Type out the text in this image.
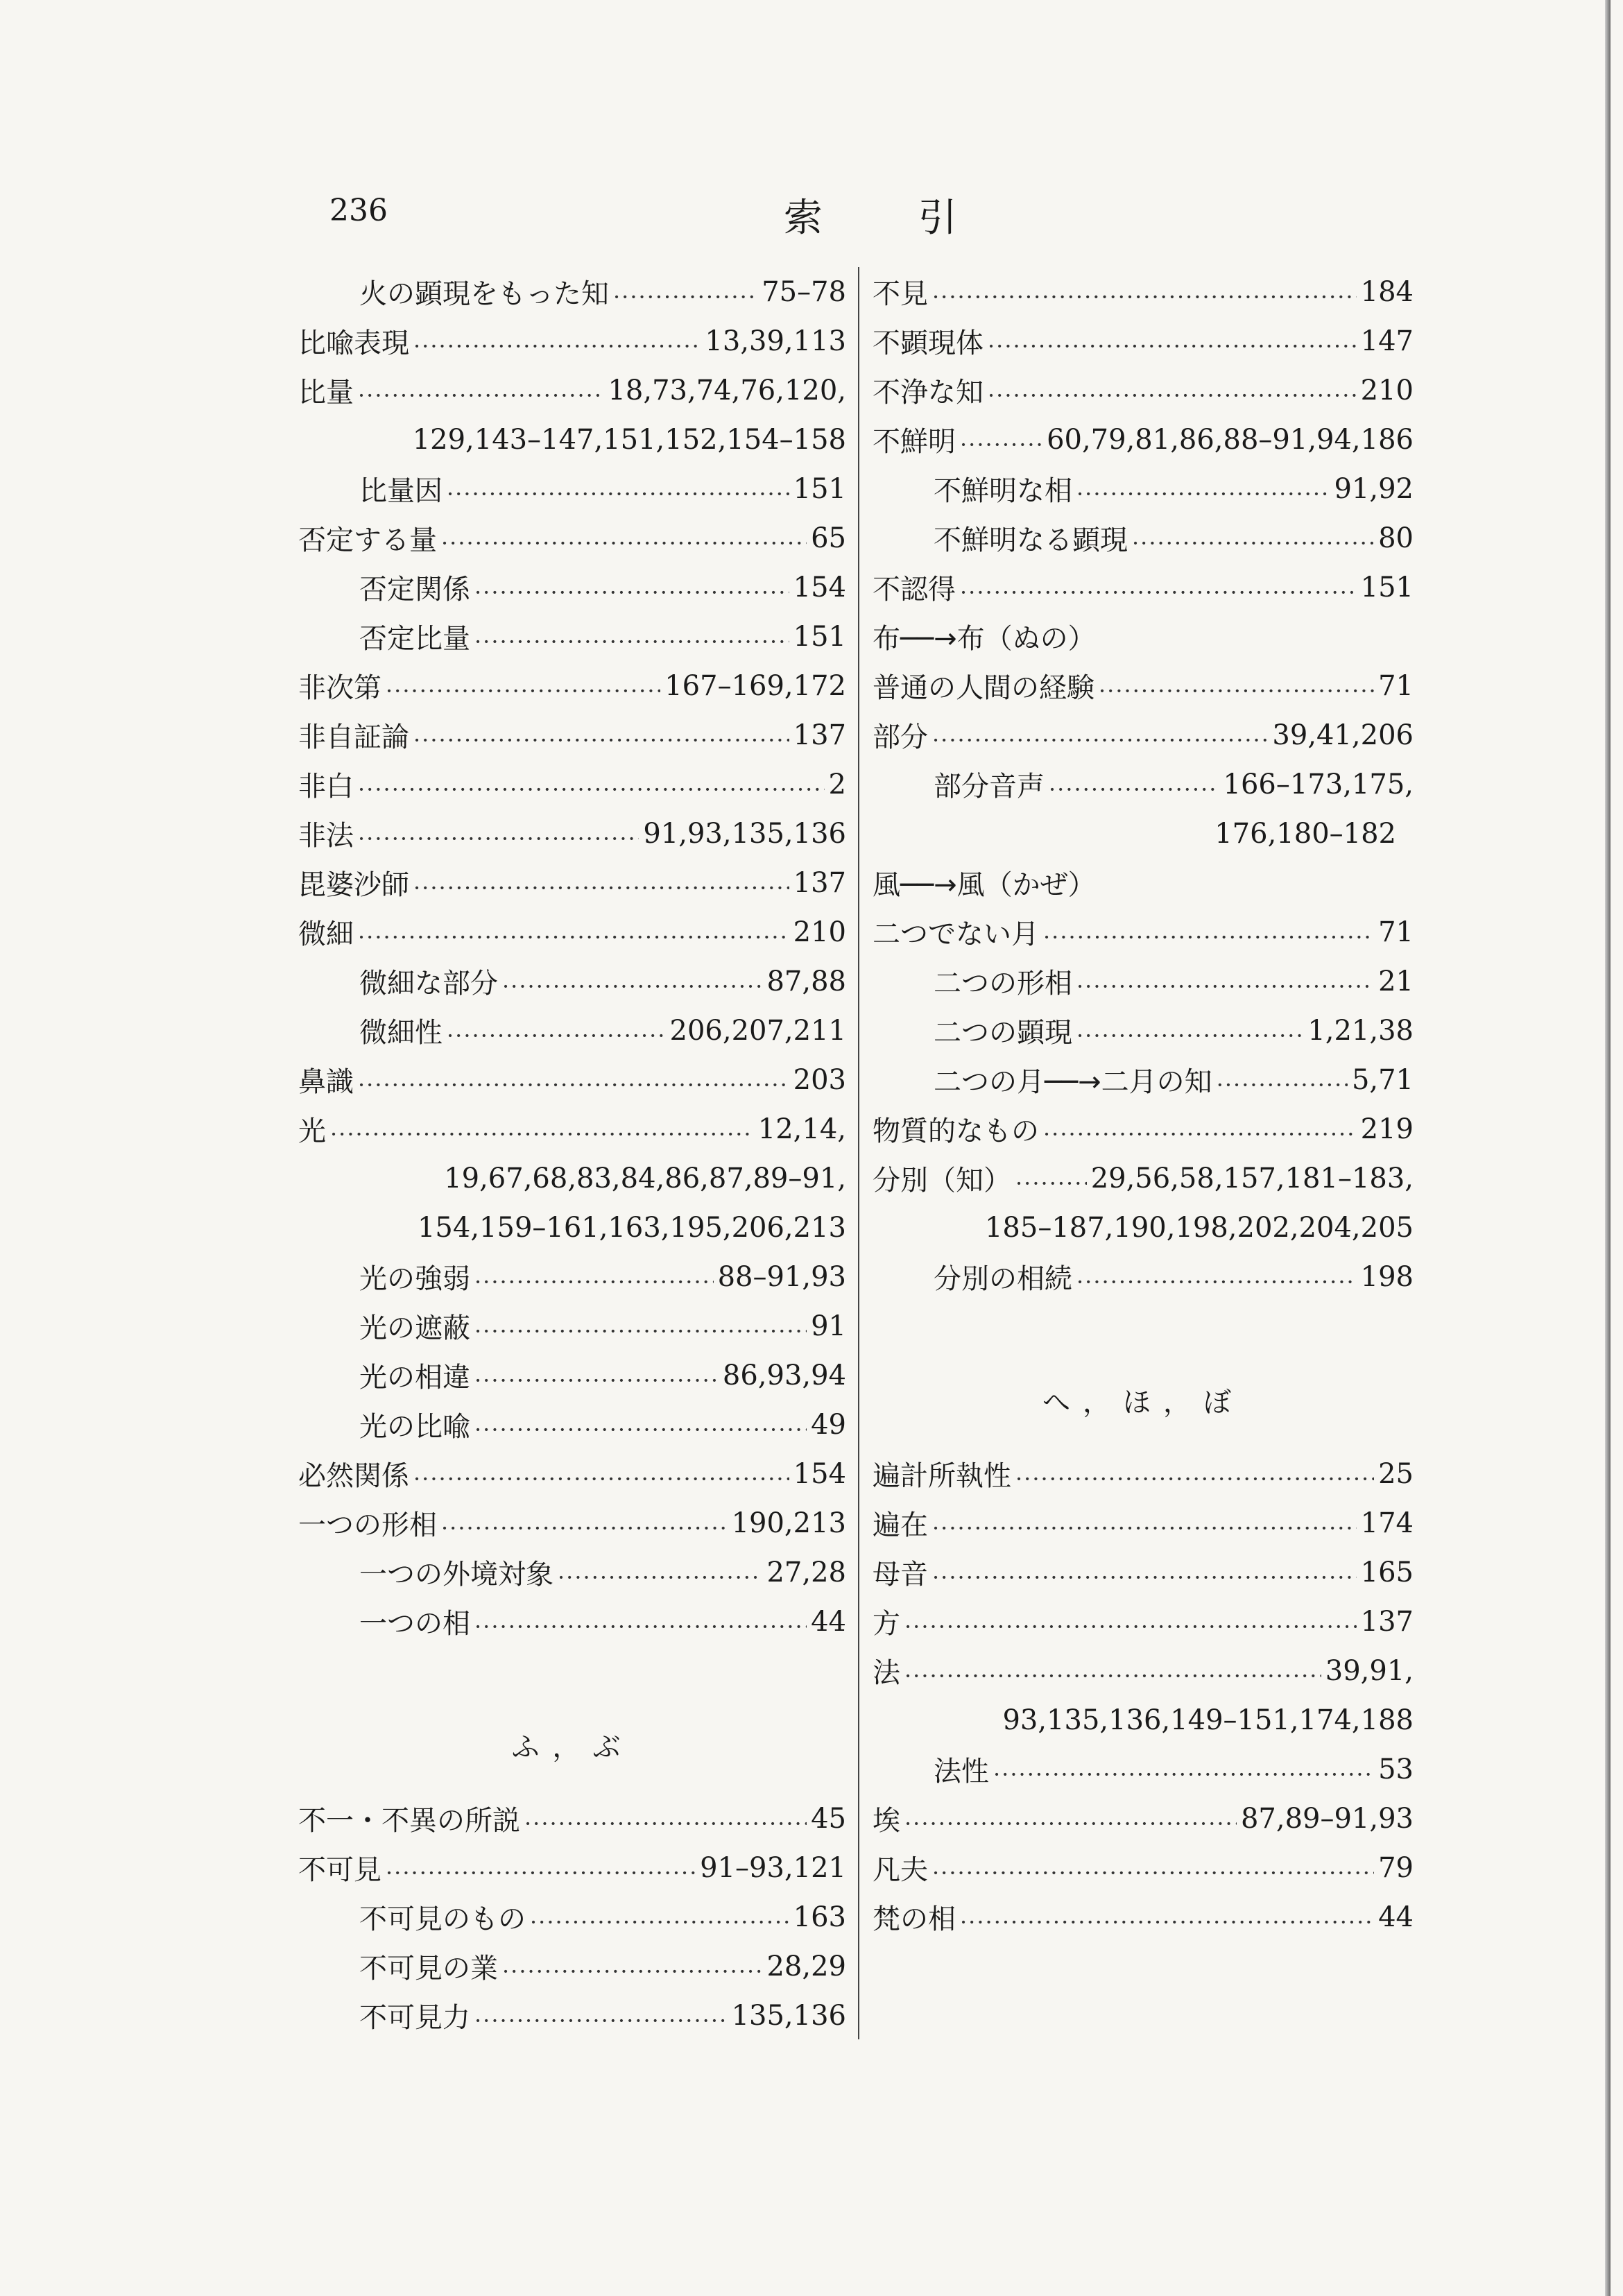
236	索 引
火の顕現をもった知 ·····	75–78
比喩表現 ·····	13,39,113
比量 ·····	18,73,74,76,120,
129,143–147,151,152,154–158
比量因 ·····	151
否定する量 ·····	65
否定関係 ·····	154
否定比量 ·····	151
非次第 ·····	167–169,172
非自証論 ·····	137
非白 ·····	2
非法 ·····	91,93,135,136
毘婆沙師 ·····	137
微細 ·····	210
微細な部分 ·····	87,88
微細性 ·····	206,207,211
鼻識 ·····	203
光 ·····	12,14,
19,67,68,83,84,86,87,89–91,
154,159–161,163,195,206,213
光の強弱 ·····	88–91,93
光の遮蔽 ·····	91
光の相違 ·····	86,93,94
光の比喩 ·····	49
必然関係 ·····	154
一つの形相 ·····	190,213
一つの外境対象 ·····	27,28
一つの相 ·····	44
ふ，ぶ
不一・不異の所説 ·····	45
不可見 ·····	91–93,121
不可見のもの ·····	163
不可見の業 ·····	28,29
不可見力 ·····	135,136
不見 ·····	184
不顕現体 ·····	147
不浄な知 ·····	210
不鮮明 ·····	60,79,81,86,88–91,94,186
不鮮明な相 ·····	91,92
不鮮明なる顕現 ·····	80
不認得 ·····	151
布──→布（ぬの）
普通の人間の経験 ·····	71
部分 ·····	39,41,206
部分音声 ·····	166–173,175,
176,180–182
風──→風（かぜ）
二つでない月 ·····	71
二つの形相 ·····	21
二つの顕現 ·····	1,21,38
二つの月──→二月の知 ·····	5,71
物質的なもの ·····	219
分別（知） ·····	29,56,58,157,181–183,
185–187,190,198,202,204,205
分別の相続 ·····	198
へ，ほ，ぼ
遍計所執性 ·····	25
遍在 ·····	174
母音 ·····	165
方 ·····	137
法 ·····	39,91,
93,135,136,149–151,174,188
法性 ·····	53
埃 ·····	87,89–91,93
凡夫 ·····	79
梵の相 ·····	44
